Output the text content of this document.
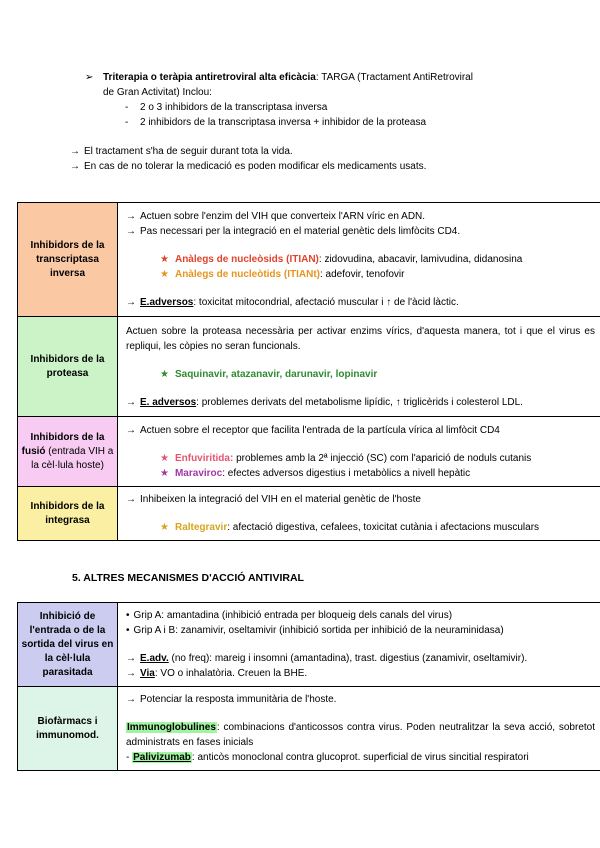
➢ Triterapia o teràpia antiretroviral alta eficàcia: TARGA (Tractament AntiRetroviral
de Gran Activitat) Inclou:
-	2 o 3 inhibidors de la transcriptasa inversa
-	2 inhibidors de la transcriptasa inversa + inhibidor de la proteasa
→ El tractament s'ha de seguir durant tota la vida.
→ En cas de no tolerar la medicació es poden modificar els medicaments usats.
Inhibidors de la transcriptasa inversa	→ Actuen sobre l'enzim del VIH que converteix l'ARN víric en ADN.
→ Pas necessari per la integració en el material genètic dels limfòcits CD4.
★ Anàlegs de nucleòsids (ITIAN): zidovudina, abacavir, lamivudina, didanosina
★ Anàlegs de nucleòtids (ITIANt): adefovir, tenofovir
→ E.adversos: toxicitat mitocondrial, afectació muscular i ↑ de l'àcid làctic.

Inhibidors de la proteasa	Actuen sobre la proteasa necessària per activar enzims vírics, d'aquesta manera, tot i que el virus es repliqui, les còpies no seran funcionals.
★ Saquinavir, atazanavir, darunavir, lopinavir
→ E. adversos: problemes derivats del metabolisme lipídic, ↑ triglicèrids i colesterol LDL.

Inhibidors de la fusió (entrada VIH a la cèl·lula hoste)	→ Actuen sobre el receptor que facilita l'entrada de la partícula vírica al limfòcit CD4
★ Enfuviritida: problemes amb la 2ª injecció (SC) com l'aparició de noduls cutanis
★ Maraviroc: efectes adversos digestius i metabòlics a nivell hepàtic

Inhibidors de la integrasa	→ Inhibeixen la integració del VIH en el material genètic de l'hoste
★ Raltegravir: afectació digestiva, cefalees, toxicitat cutània i afectacions musculars
5. ALTRES MECANISMES D'ACCIÓ ANTIVIRAL
Inhibició de l'entrada o de la sortida del virus en la cèl·lula parasitada	• Grip A: amantadina (inhibició entrada per bloqueig dels canals del virus)
• Grip A i B: zanamivir, oseltamivir (inhibició sortida per inhibició de la neuraminidasa)
→ E.adv. (no freq): mareig i insomni (amantadina), trast. digestius (zanamivir, oseltamivir).
→ Via: VO o inhalatòria. Creuen la BHE.

Biofàrmacs i immunomod.	→ Potenciar la resposta immunitària de l'hoste.
Immunoglobulines: combinacions d'anticossos contra virus. Poden neutralitzar la seva acció, sobretot administrats en fases inicials
- Palivizumab: anticòs monoclonal contra glucoprot. superficial de virus sincitial respiratori
